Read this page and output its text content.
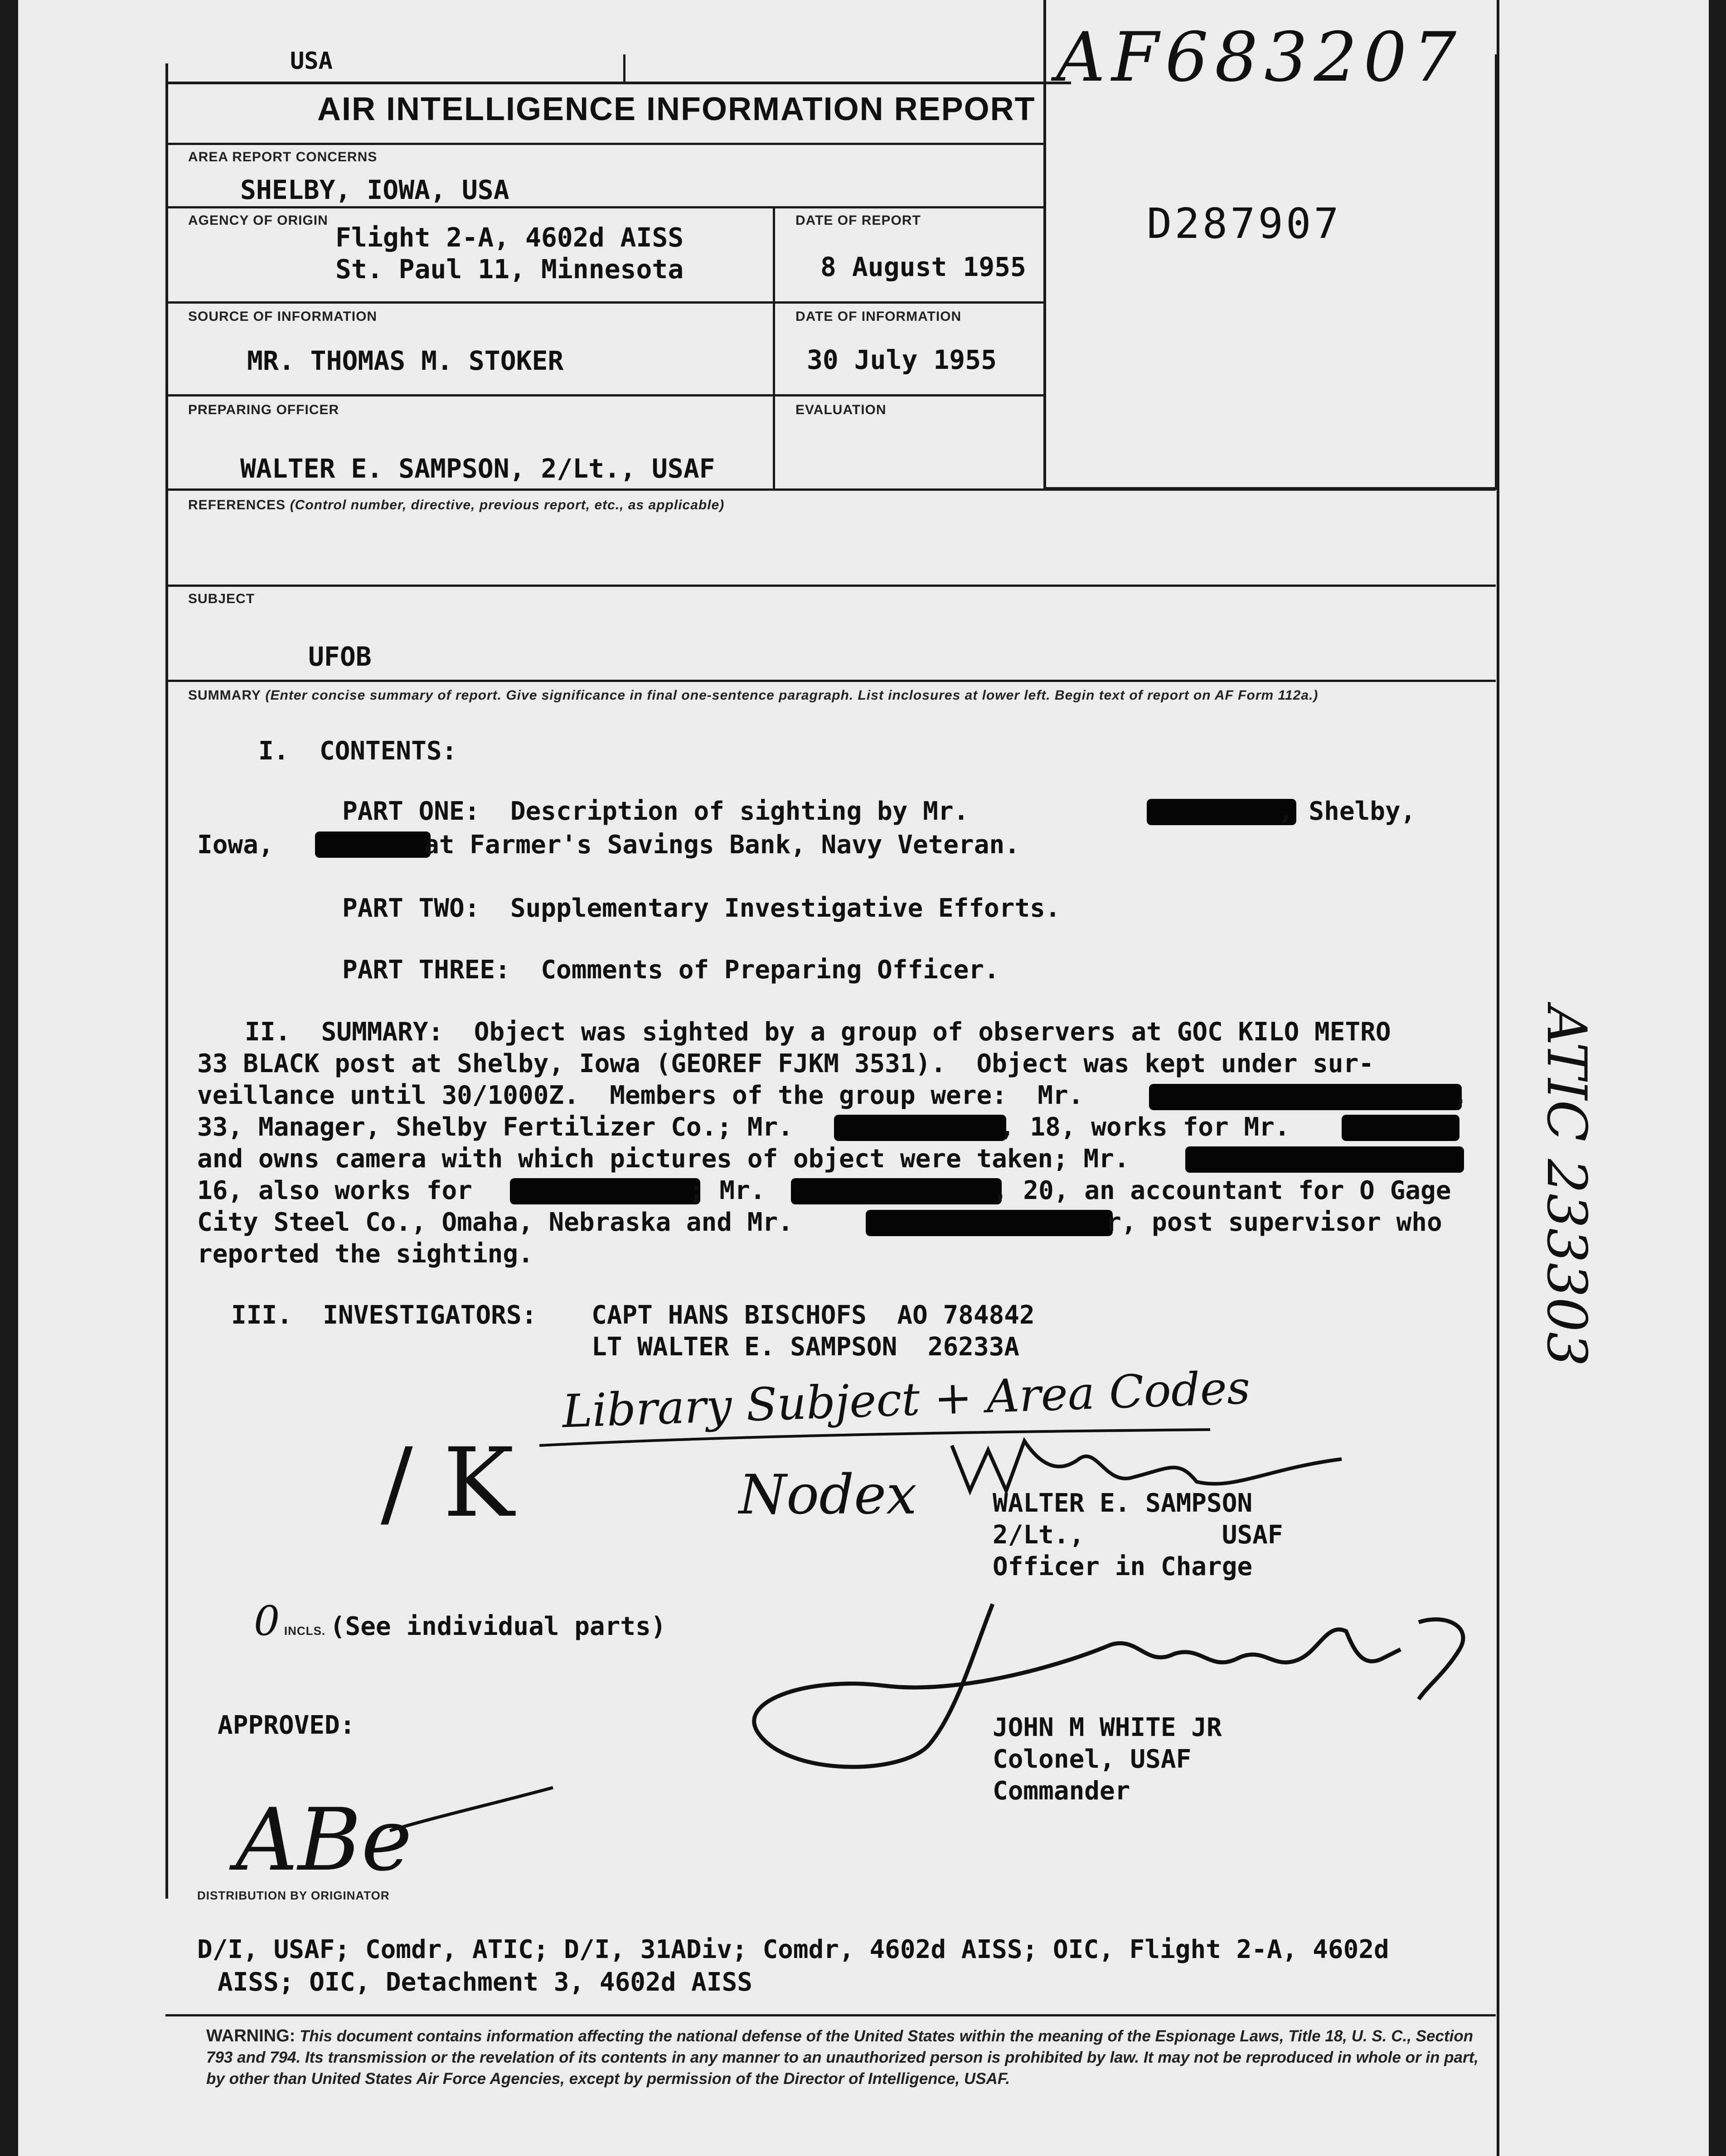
USA
AIR INTELLIGENCE INFORMATION REPORT
AF683207
D287907
AREA REPORT CONCERNS
SHELBY, IOWA, USA
AGENCY OF ORIGIN
Flight 2-A, 4602d AISS
St. Paul 11, Minnesota
DATE OF REPORT
8 August 1955
SOURCE OF INFORMATION
MR. THOMAS M. STOKER
DATE OF INFORMATION
30 July 1955
PREPARING OFFICER
WALTER E. SAMPSON, 2/Lt., USAF
EVALUATION
REFERENCES (Control number, directive, previous report, etc., as applicable)
SUBJECT
UFOB
SUMMARY (Enter concise summary of report. Give significance in final one-sentence paragraph. List inclosures at lower left. Begin text of report on AF Form 112a.)
I.  CONTENTS:
PART ONE:  Description of sighting by Mr.	, Shelby,
Iowa,	at Farmer's Savings Bank, Navy Veteran.
PART TWO:  Supplementary Investigative Efforts.
PART THREE:  Comments of Preparing Officer.
II.  SUMMARY:  Object was sighted by a group of observers at GOC KILO METRO
33 BLACK post at Shelby, Iowa (GEOREF FJKM 3531).  Object was kept under sur-
veillance until 30/1000Z.  Members of the group were:  Mr.	,
33, Manager, Shelby Fertilizer Co.; Mr.	, 18, works for Mr.
and owns camera with which pictures of object were taken; Mr.
16, also works for	; Mr.	, 20, an accountant for O Gage
City Steel Co., Omaha, Nebraska and Mr.	r, post supervisor who
reported the sighting.
III.  INVESTIGATORS: CAPT HANS BISCHOFS  AO 784842
LT WALTER E. SAMPSON  26233A
Library Subject + Area Codes
/ K	Nodex	WALTER E. SAMPSON
2/Lt.,         USAF
Officer in Charge
0 INCLS. (See individual parts)
JOHN M WHITE JR
Colonel, USAF
Commander
APPROVED:
ABe
DISTRIBUTION BY ORIGINATOR
D/I, USAF; Comdr, ATIC; D/I, 31ADiv; Comdr, 4602d AISS; OIC, Flight 2-A, 4602d
AISS; OIC, Detachment 3, 4602d AISS
WARNING: This document contains information affecting the national defense of the United States within the meaning of the Espionage Laws, Title 18, U. S. C., Section 793 and 794. Its transmission or the revelation of its contents in any manner to an unauthorized person is prohibited by law. It may not be reproduced in whole or in part, by other than United States Air Force Agencies, except by permission of the Director of Intelligence, USAF.
ATIC 233303
